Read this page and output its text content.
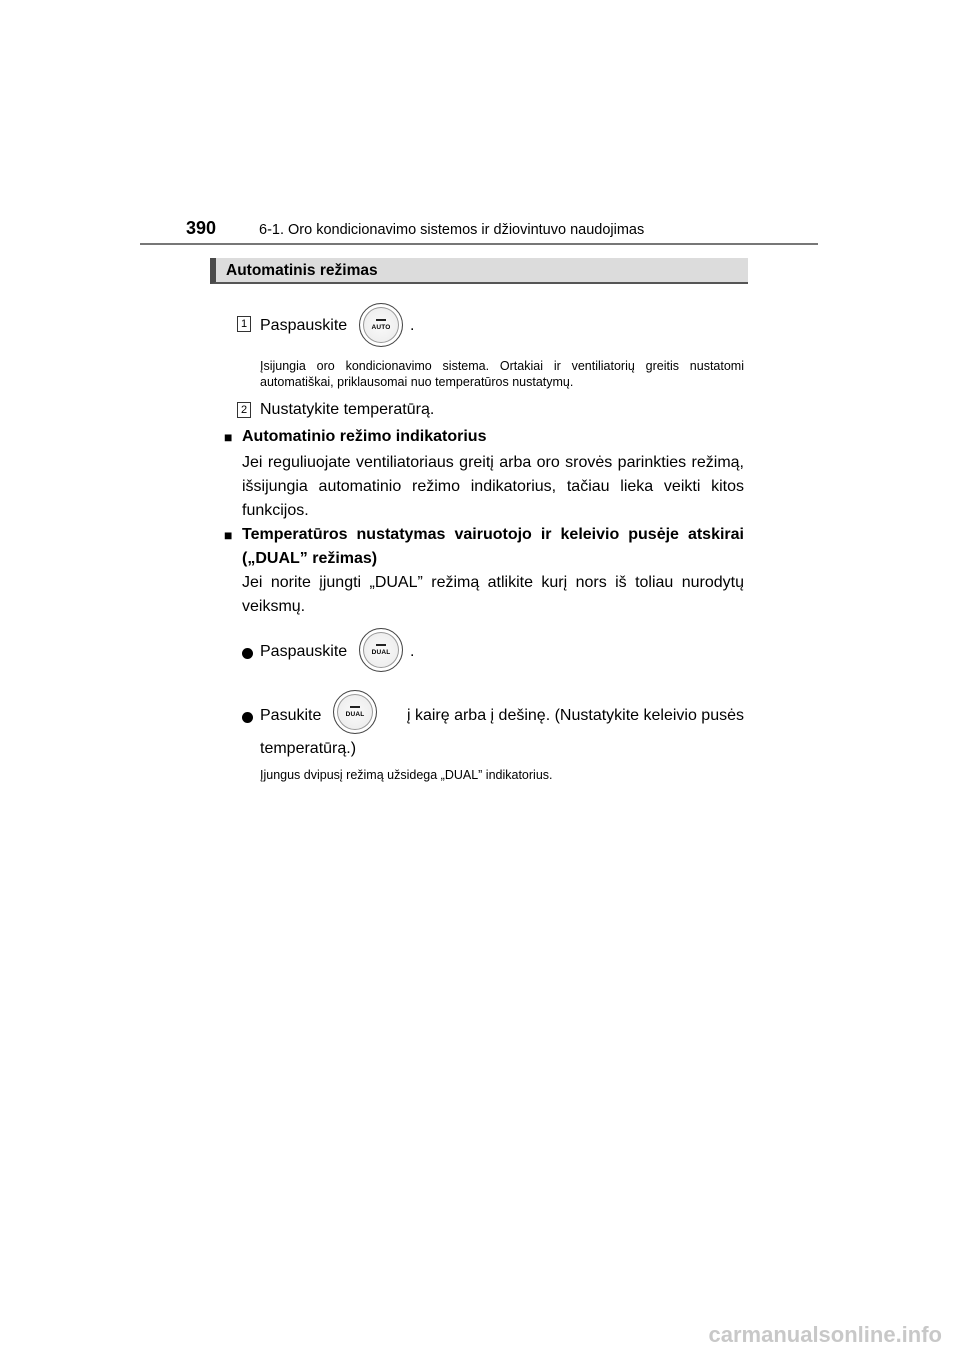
390	6-1. Oro kondicionavimo sistemos ir džiovintuvo naudojimas
Automatinis režimas
1 Paspauskite	AUTO .
Įsijungia oro kondicionavimo sistema. Ortakiai ir ventiliatorių greitis nustatomi automatiškai, priklausomai nuo temperatūros nustatymų.
2 Nustatykite temperatūrą.
■ Automatinio režimo indikatorius
Jei reguliuojate ventiliatoriaus greitį arba oro srovės parinkties režimą, išsijungia automatinio režimo indikatorius, tačiau lieka veikti kitos funkcijos.
■ Temperatūros nustatymas vairuotojo ir keleivio pusėje atskirai („DUAL” režimas)
Jei norite įjungti „DUAL” režimą atlikite kurį nors iš toliau nurodytų veiksmų.
Paspauskite	DUAL .
Pasukite	DUAL	į kairę arba į dešinę. (Nustatykite keleivio pusės
temperatūrą.)
Įjungus dvipusį režimą užsidega „DUAL” indikatorius.
carmanualsonline.info
